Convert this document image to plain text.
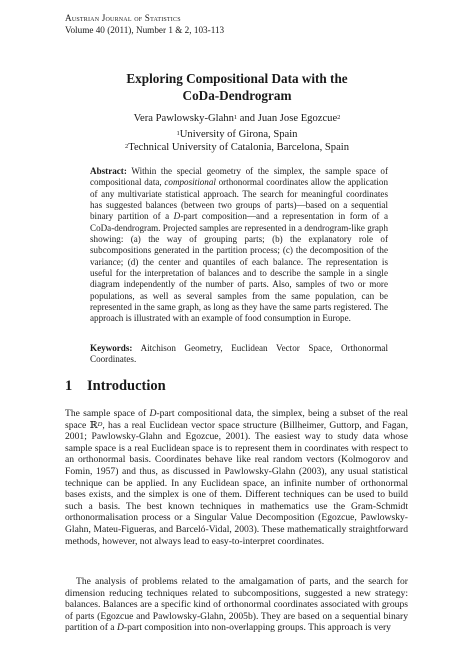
Austrian Journal of Statistics
Volume 40 (2011), Number 1 & 2, 103-113
Exploring Compositional Data with the
CoDa-Dendrogram
Vera Pawlowsky-Glahn$^1$ and Juan Jose Egozcue$^2$
$^1$University of Girona, Spain
$^2$Technical University of Catalonia, Barcelona, Spain
Abstract: Within the special geometry of the simplex, the sample space of compositional data, compositional orthonormal coordinates allow the application of any multivariate statistical approach. The search for meaningful coordinates has suggested balances (between two groups of parts)—based on a sequential binary partition of a D-part composition—and a representation in form of a CoDa-dendrogram. Projected samples are represented in a dendrogram-like graph showing: (a) the way of grouping parts; (b) the explanatory role of subcompositions generated in the partition process; (c) the decomposition of the variance; (d) the center and quantiles of each balance. The representation is useful for the interpretation of balances and to describe the sample in a single diagram independently of the number of parts. Also, samples of two or more populations, as well as several samples from the same population, can be represented in the same graph, as long as they have the same parts registered. The approach is illustrated with an example of food consumption in Europe.
Keywords: Aitchison Geometry, Euclidean Vector Space, Orthonormal Coordinates.
1 Introduction

The sample space of D-part compositional data, the simplex, being a subset of the real space ℝ$^D$, has a real Euclidean vector space structure (Billheimer, Guttorp, and Fagan, 2001; Pawlowsky-Glahn and Egozcue, 2001). The easiest way to study data whose sample space is a real Euclidean space is to represent them in coordinates with respect to an orthonormal basis. Coordinates behave like real random vectors (Kolmogorov and Fomin, 1957) and thus, as discussed in Pawlowsky-Glahn (2003), any usual statistical technique can be applied. In any Euclidean space, an infinite number of orthonormal bases exists, and the simplex is one of them. Different techniques can be used to build such a basis. The best known techniques in mathematics use the Gram-Schmidt orthonormalisation process or a Singular Value Decomposition (Egozcue, Pawlowsky-Glahn, Mateu-Figueras, and Barceló-Vidal, 2003). These mathematically straightforward methods, however, not always lead to easy-to-interpret coordinates.

The analysis of problems related to the amalgamation of parts, and the search for dimension reducing techniques related to subcompositions, suggested a new strategy: balances. Balances are a specific kind of orthonormal coordinates associated with groups of parts (Egozcue and Pawlowsky-Glahn, 2005b). They are based on a sequential binary partition of a D-part composition into non-overlapping groups. This approach is very
